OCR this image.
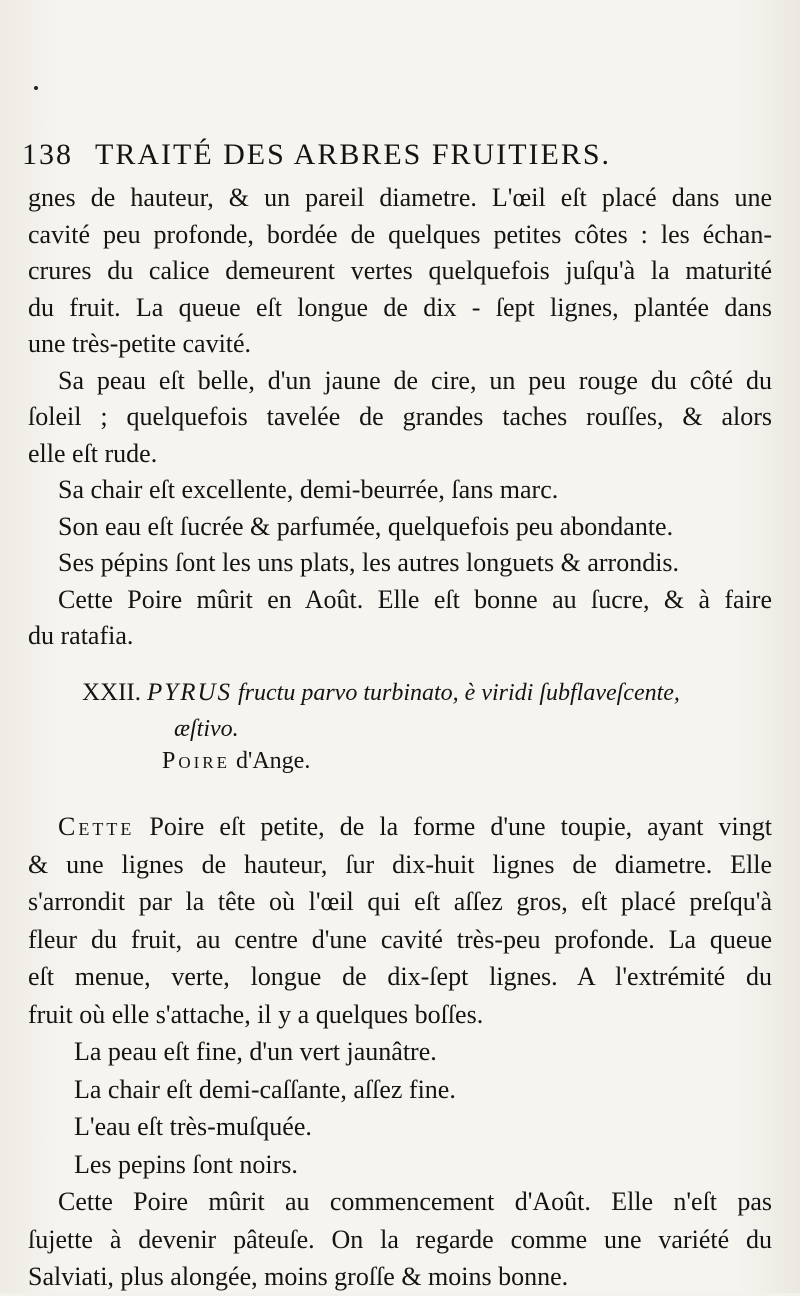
138 TRAITÉ DES ARBRES FRUITIERS.
gnes de hauteur, & un pareil diametre. L'œil eſt placé dans une
cavité peu profonde, bordée de quelques petites côtes : les échan-
crures du calice demeurent vertes quelquefois juſqu'à la maturité
du fruit. La queue eſt longue de dix - ſept lignes, plantée dans
une très-petite cavité.
Sa peau eſt belle, d'un jaune de cire, un peu rouge du côté du
ſoleil ; quelquefois tavelée de grandes taches rouſſes, & alors
elle eſt rude.
Sa chair eſt excellente, demi-beurrée, ſans marc.
Son eau eſt ſucrée & parfumée, quelquefois peu abondante.
Ses pépins ſont les uns plats, les autres longuets & arrondis.
Cette Poire mûrit en Août. Elle eſt bonne au ſucre, & à faire
du ratafia.
XXII. PYRUS fructu parvo turbinato, è viridi ſubflaveſcente,
æſtivo.
Poire d'Ange.
Cette Poire eſt petite, de la forme d'une toupie, ayant vingt
& une lignes de hauteur, ſur dix-huit lignes de diametre. Elle
s'arrondit par la tête où l'œil qui eſt aſſez gros, eſt placé preſqu'à
fleur du fruit, au centre d'une cavité très-peu profonde. La queue
eſt menue, verte, longue de dix-ſept lignes. A l'extrémité du
fruit où elle s'attache, il y a quelques boſſes.
La peau eſt fine, d'un vert jaunâtre.
La chair eſt demi-caſſante, aſſez fine.
L'eau eſt très-muſquée.
Les pepins ſont noirs.
Cette Poire mûrit au commencement d'Août. Elle n'eſt pas
ſujette à devenir pâteuſe. On la regarde comme une variété du
Salviati, plus alongée, moins groſſe & moins bonne.
